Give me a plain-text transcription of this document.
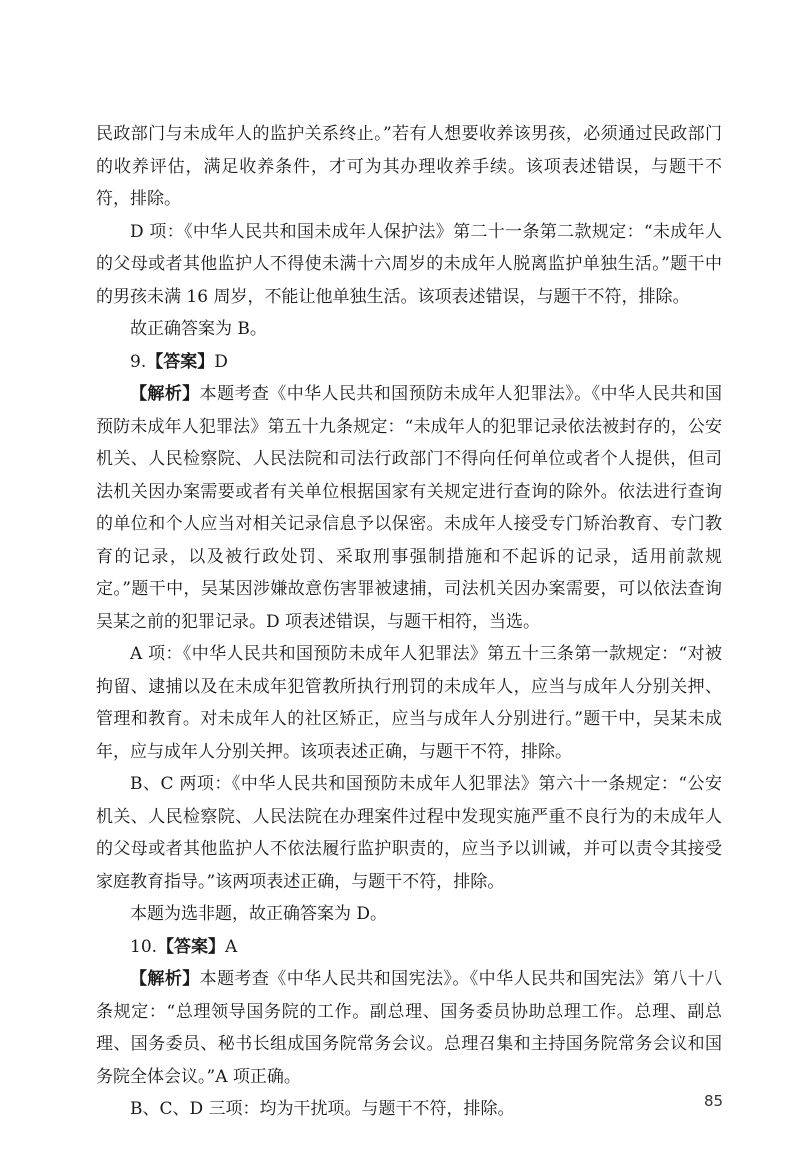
民政部门与未成年人的监护关系终止。”若有人想要收养该男孩，必须通过民政部门的收养评估，满足收养条件，才可为其办理收养手续。该项表述错误，与题干不符，排除。

D 项：《中华人民共和国未成年人保护法》第二十一条第二款规定：“未成年人的父母或者其他监护人不得使未满十六周岁的未成年人脱离监护单独生活。”题干中的男孩未满 16 周岁，不能让他单独生活。该项表述错误，与题干不符，排除。

故正确答案为 B。

9.【答案】D

【解析】本题考查《中华人民共和国预防未成年人犯罪法》。《中华人民共和国预防未成年人犯罪法》第五十九条规定：“未成年人的犯罪记录依法被封存的，公安机关、人民检察院、人民法院和司法行政部门不得向任何单位或者个人提供，但司法机关因办案需要或者有关单位根据国家有关规定进行查询的除外。依法进行查询的单位和个人应当对相关记录信息予以保密。未成年人接受专门矫治教育、专门教育的记录，以及被行政处罚、采取刑事强制措施和不起诉的记录，适用前款规定。”题干中，吴某因涉嫌故意伤害罪被逮捕，司法机关因办案需要，可以依法查询吴某之前的犯罪记录。D 项表述错误，与题干相符，当选。

A 项：《中华人民共和国预防未成年人犯罪法》第五十三条第一款规定：“对被拘留、逮捕以及在未成年犯管教所执行刑罚的未成年人，应当与成年人分别关押、管理和教育。对未成年人的社区矫正，应当与成年人分别进行。”题干中，吴某未成年，应与成年人分别关押。该项表述正确，与题干不符，排除。

B、C 两项：《中华人民共和国预防未成年人犯罪法》第六十一条规定：“公安机关、人民检察院、人民法院在办理案件过程中发现实施严重不良行为的未成年人的父母或者其他监护人不依法履行监护职责的，应当予以训诫，并可以责令其接受家庭教育指导。”该两项表述正确，与题干不符，排除。

本题为选非题，故正确答案为 D。

10.【答案】A

【解析】本题考查《中华人民共和国宪法》。《中华人民共和国宪法》第八十八条规定：“总理领导国务院的工作。副总理、国务委员协助总理工作。总理、副总理、国务委员、秘书长组成国务院常务会议。总理召集和主持国务院常务会议和国务院全体会议。”A 项正确。

B、C、D 三项：均为干扰项。与题干不符，排除。	85
